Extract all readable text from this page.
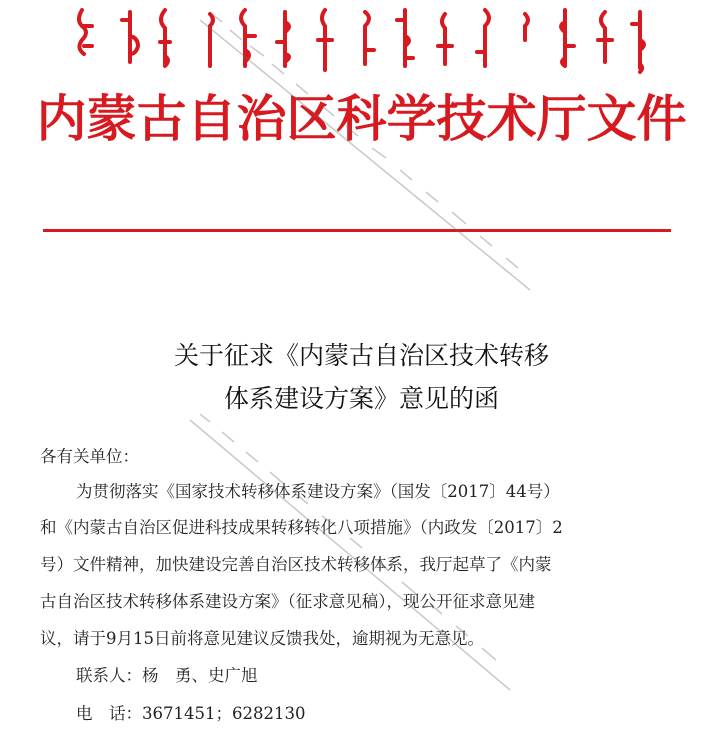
ᠥᠪᠥᠷ ᠮᠣᠩᠭᠣᠯ ᠤᠨ ᠥᠪᠡᠷᠲᠡᠭᠡᠨ ᠵᠠᠰᠠᠬᠤ ᠣᠷᠣᠨ ᠤ ᠱᠢᠨᠵᠢᠯᠡᠬᠦ ᠤᠬᠠᠭᠠᠨ ᠲᠧᠬᠨᠢᠤᠺ ᠤᠨ ᠲᠢᠩ ᠤᠨ ᠪᠢᠴᠢᠭ
内蒙古自治区科学技术厅文件
关于征求《内蒙古自治区技术转移
体系建设方案》意见的函
各有关单位：
为贯彻落实《国家技术转移体系建设方案》（国发〔2017〕44号）
和《内蒙古自治区促进科技成果转移转化八项措施》（内政发〔2017〕2
号）文件精神，加快建设完善自治区技术转移体系，我厅起草了《内蒙
古自治区技术转移体系建设方案》（征求意见稿），现公开征求意见建
议，请于9月15日前将意见建议反馈我处，逾期视为无意见。
联系人：杨　勇、史广旭
电　话：3671451；6282130
